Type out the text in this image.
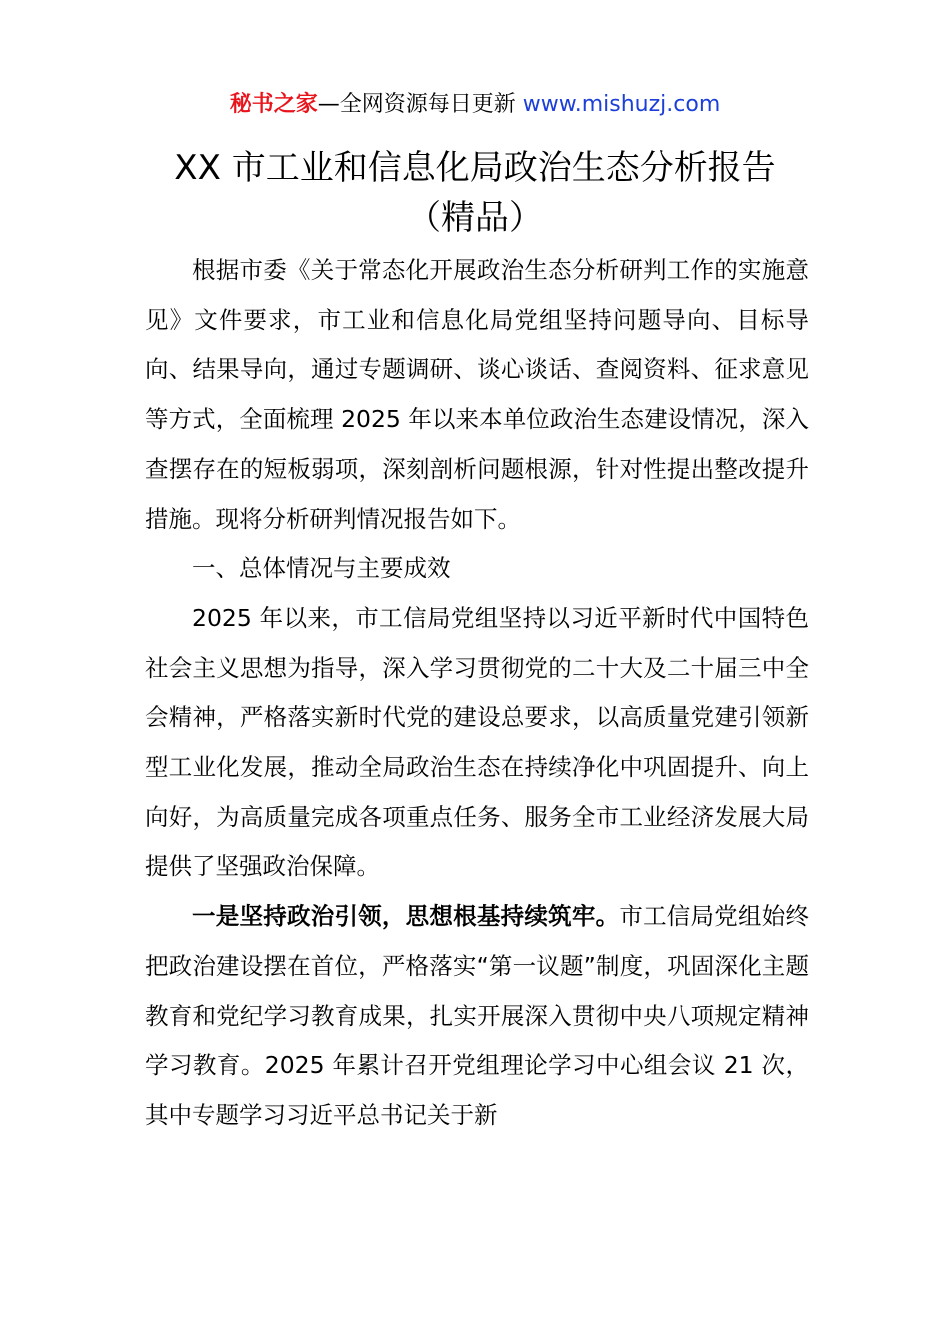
秘书之家—全网资源每日更新 www.mishuzj.com
XX 市工业和信息化局政治生态分析报告
（精品）

根据市委《关于常态化开展政治生态分析研判工作的实施意见》文件要求，市工业和信息化局党组坚持问题导向、目标导向、结果导向，通过专题调研、谈心谈话、查阅资料、征求意见等方式，全面梳理 2025 年以来本单位政治生态建设情况，深入查摆存在的短板弱项，深刻剖析问题根源，针对性提出整改提升措施。现将分析研判情况报告如下。

一、总体情况与主要成效

2025 年以来，市工信局党组坚持以习近平新时代中国特色社会主义思想为指导，深入学习贯彻党的二十大及二十届三中全会精神，严格落实新时代党的建设总要求，以高质量党建引领新型工业化发展，推动全局政治生态在持续净化中巩固提升、向上向好，为高质量完成各项重点任务、服务全市工业经济发展大局提供了坚强政治保障。

一是坚持政治引领，思想根基持续筑牢。市工信局党组始终把政治建设摆在首位，严格落实“第一议题”制度，巩固深化主题教育和党纪学习教育成果，扎实开展深入贯彻中央八项规定精神学习教育。2025 年累计召开党组理论学习中心组会议 21 次，其中专题学习习近平总书记关于新
